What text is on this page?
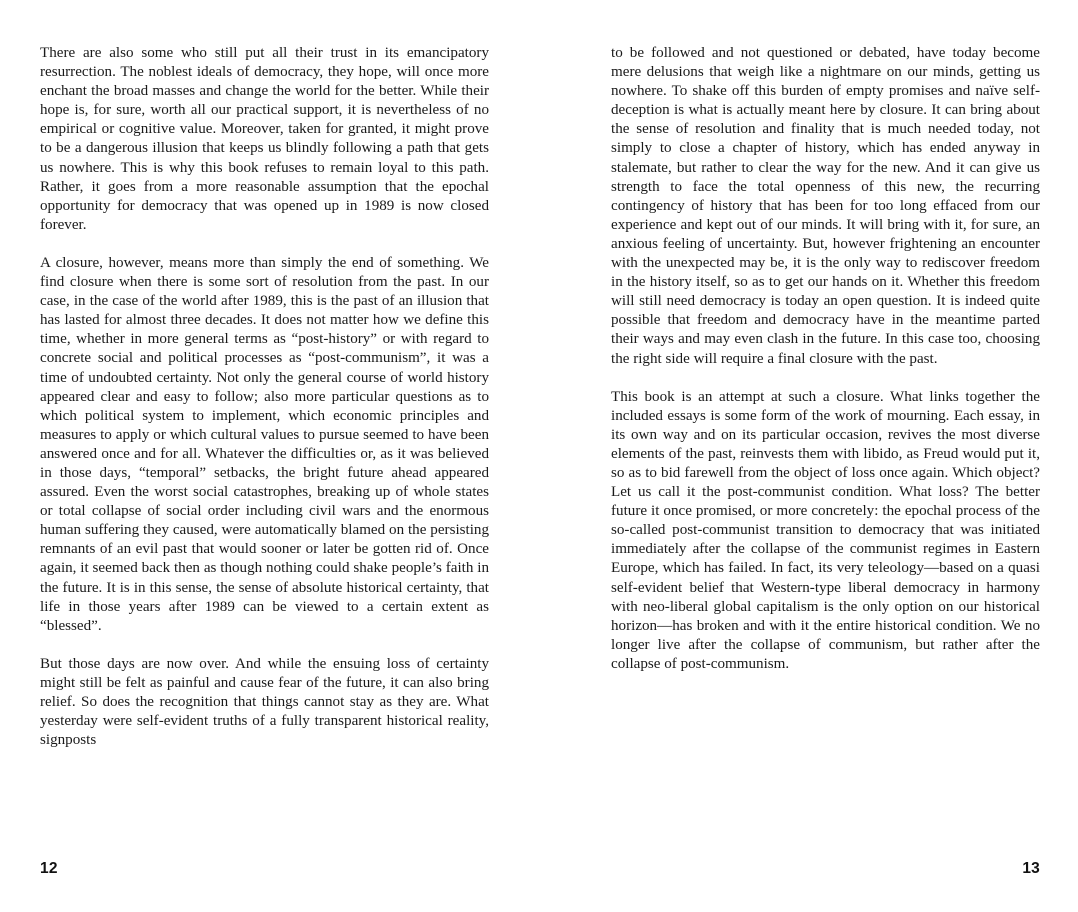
There are also some who still put all their trust in its emancipatory resurrection. The noblest ideals of democracy, they hope, will once more enchant the broad masses and change the world for the better. While their hope is, for sure, worth all our practical support, it is nevertheless of no empirical or cognitive value. Moreover, taken for granted, it might prove to be a dangerous illusion that keeps us blindly following a path that gets us nowhere. This is why this book refuses to remain loyal to this path. Rather, it goes from a more reasonable assumption that the epochal opportunity for democracy that was opened up in 1989 is now closed forever.

A closure, however, means more than simply the end of something. We find closure when there is some sort of resolution from the past. In our case, in the case of the world after 1989, this is the past of an illusion that has lasted for almost three decades. It does not matter how we define this time, whether in more general terms as “post-history” or with regard to concrete social and political processes as “post-communism”, it was a time of undoubted certainty. Not only the general course of world history appeared clear and easy to follow; also more particular questions as to which political system to implement, which economic principles and measures to apply or which cultural values to pursue seemed to have been answered once and for all. Whatever the difficulties or, as it was believed in those days, “temporal” setbacks, the bright future ahead appeared assured. Even the worst social catastrophes, breaking up of whole states or total collapse of social order including civil wars and the enormous human suffering they caused, were automatically blamed on the persisting remnants of an evil past that would sooner or later be gotten rid of. Once again, it seemed back then as though nothing could shake people’s faith in the future. It is in this sense, the sense of absolute historical certainty, that life in those years after 1989 can be viewed to a certain extent as “blessed”.

But those days are now over. And while the ensuing loss of certainty might still be felt as painful and cause fear of the future, it can also bring relief. So does the recognition that things cannot stay as they are. What yesterday were self-evident truths of a fully transparent historical reality, signposts

12

to be followed and not questioned or debated, have today become mere delusions that weigh like a nightmare on our minds, getting us nowhere. To shake off this burden of empty promises and naïve self-deception is what is actually meant here by closure. It can bring about the sense of resolution and finality that is much needed today, not simply to close a chapter of history, which has ended anyway in stalemate, but rather to clear the way for the new. And it can give us strength to face the total openness of this new, the recurring contingency of history that has been for too long effaced from our experience and kept out of our minds. It will bring with it, for sure, an anxious feeling of uncertainty. But, however frightening an encounter with the unexpected may be, it is the only way to rediscover freedom in the history itself, so as to get our hands on it. Whether this freedom will still need democracy is today an open question. It is indeed quite possible that freedom and democracy have in the meantime parted their ways and may even clash in the future. In this case too, choosing the right side will require a final closure with the past.

This book is an attempt at such a closure. What links together the included essays is some form of the work of mourning. Each essay, in its own way and on its particular occasion, revives the most diverse elements of the past, reinvests them with libido, as Freud would put it, so as to bid farewell from the object of loss once again. Which object? Let us call it the post-communist condition. What loss? The better future it once promised, or more concretely: the epochal process of the so-called post-communist transition to democracy that was initiated immediately after the collapse of the communist regimes in Eastern Europe, which has failed. In fact, its very teleology—based on a quasi self-evident belief that Western-type liberal democracy in harmony with neo-liberal global capitalism is the only option on our historical horizon—has broken and with it the entire historical condition. We no longer live after the collapse of communism, but rather after the collapse of post-communism.

13
